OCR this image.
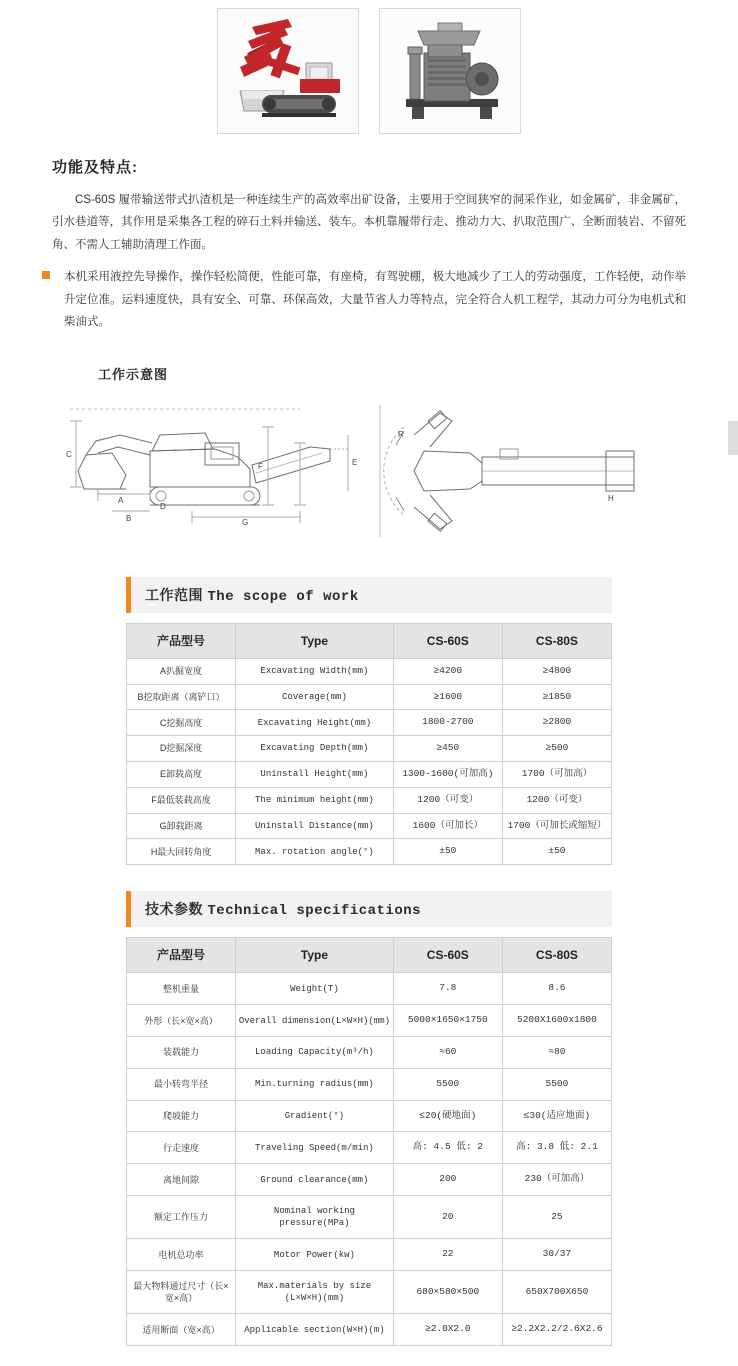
功能及特点:
CS-60S 履带输送带式扒渣机是一种连续生产的高效率出矿设备，主要用于空间狭窄的洞采作业，如金属矿，非金属矿，引水巷道等，其作用是采集各工程的碎石土料并输送、装车。本机靠履带行走、推动力大、扒取范围广、全断面装岩、不留死角、不需人工辅助清理工作面。
本机采用液控先导操作，操作轻松简便，性能可靠，有座椅，有驾驶棚，极大地减少了工人的劳动强度，工作轻便，动作举升定位准。运料速度快，具有安全、可靠、环保高效，大量节省人力等特点，完全符合人机工程学，其动力可分为电机式和柴油式。
工作示意图
C
A
D
B
F
G
E
R
H
工作范围 The scope of work
产品型号	Type	CS-60S	CS-80S
A扒掘宽度	Excavating Width(mm)	≥4200	≥4800
B挖取距离（离铲口）	Coverage(mm)	≥1600	≥1850
C挖掘高度	Excavating Height(mm)	1800-2700	≥2800
D挖掘深度	Excavating Depth(mm)	≥450	≥500
E卸载高度	Uninstall Height(mm)	1300-1600(可加高)	1700（可加高）
F最低装载高度	The minimum height(mm)	1200（可变）	1200（可变）
G卸载距离	Uninstall Distance(mm)	1600（可加长）	1700（可加长或缩短）
H最大回转角度	Max. rotation angle(°)	±50	±50
技术参数 Technical specifications
产品型号	Type	CS-60S	CS-80S
整机重量	Weight(T)	7.8	8.6
外形（长×宽×高）	Overall dimension(L×W×H)(mm)	5000×1650×1750	5200X1600x1800
装载能力	Loading Capacity(m³/h)	≈60	≈80
最小转弯半径	Min.turning radius(mm)	5500	5500
爬坡能力	Gradient(°)	≤20(硬地面)	≤30(适应地面)
行走速度	Traveling Speed(m/min)	高: 4.5 低: 2	高: 3.8 低: 2.1
离地间隙	Ground clearance(mm)	200	230（可加高）
额定工作压力	Nominal working pressure(MPa)	20	25
电机总功率	Motor Power(kw)	22	30/37
最大物料通过尺寸（长×宽×高）	Max.materials by size (L×W×H)(mm)	680×580×500	650X700X650
适用断面（宽×高）	Applicable section(W×H)(m)	≥2.0X2.0	≥2.2X2.2/2.6X2.6
